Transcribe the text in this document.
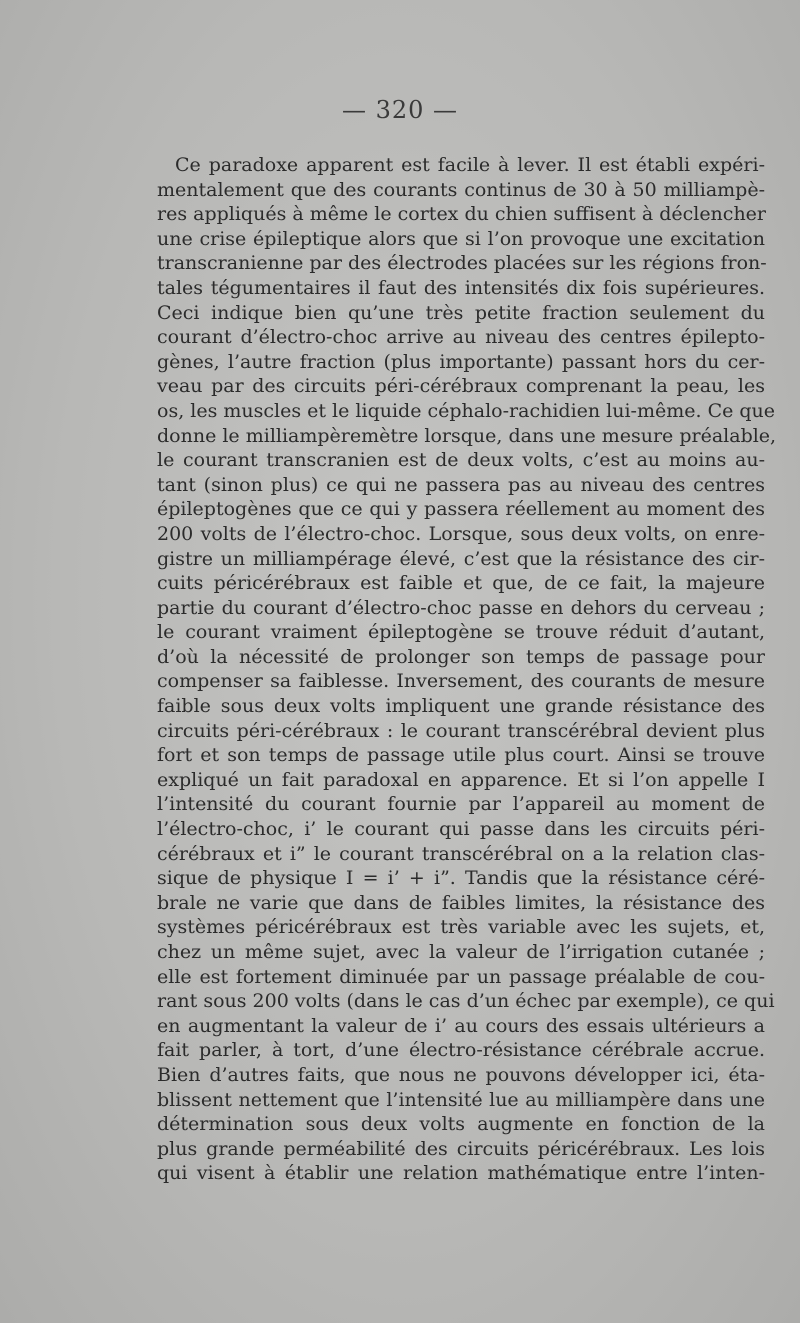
— 320 —
Ce paradoxe apparent est facile à lever. Il est établi expéri-
mentalement que des courants continus de 30 à 50 milliampè-
res appliqués à même le cortex du chien suffisent à déclencher
une crise épileptique alors que si l’on provoque une excitation
transcranienne par des électrodes placées sur les régions fron-
tales tégumentaires il faut des intensités dix fois supérieures.
Ceci indique bien qu’une très petite fraction seulement du
courant d’électro-choc arrive au niveau des centres épilepto-
gènes, l’autre fraction (plus importante) passant hors du cer-
veau par des circuits péri-cérébraux comprenant la peau, les
os, les muscles et le liquide céphalo-rachidien lui-même. Ce que
donne le milliampèremètre lorsque, dans une mesure préalable,
le courant transcranien est de deux volts, c’est au moins au-
tant (sinon plus) ce qui ne passera pas au niveau des centres
épileptogènes que ce qui y passera réellement au moment des
200 volts de l’électro-choc. Lorsque, sous deux volts, on enre-
gistre un milliampérage élevé, c’est que la résistance des cir-
cuits péricérébraux est faible et que, de ce fait, la majeure
partie du courant d’électro-choc passe en dehors du cerveau ;
le courant vraiment épileptogène se trouve réduit d’autant,
d’où la nécessité de prolonger son temps de passage pour
compenser sa faiblesse. Inversement, des courants de mesure
faible sous deux volts impliquent une grande résistance des
circuits péri-cérébraux : le courant transcérébral devient plus
fort et son temps de passage utile plus court. Ainsi se trouve
expliqué un fait paradoxal en apparence. Et si l’on appelle I
l’intensité du courant fournie par l’appareil au moment de
l’électro-choc, i’ le courant qui passe dans les circuits péri-
cérébraux et i” le courant transcérébral on a la relation clas-
sique de physique I = i’ + i”. Tandis que la résistance céré-
brale ne varie que dans de faibles limites, la résistance des
systèmes péricérébraux est très variable avec les sujets, et,
chez un même sujet, avec la valeur de l’irrigation cutanée ;
elle est fortement diminuée par un passage préalable de cou-
rant sous 200 volts (dans le cas d’un échec par exemple), ce qui
en augmentant la valeur de i’ au cours des essais ultérieurs a
fait parler, à tort, d’une électro-résistance cérébrale accrue.
Bien d’autres faits, que nous ne pouvons développer ici, éta-
blissent nettement que l’intensité lue au milliampère dans une
détermination sous deux volts augmente en fonction de la
plus grande perméabilité des circuits péricérébraux. Les lois
qui visent à établir une relation mathématique entre l’inten-
